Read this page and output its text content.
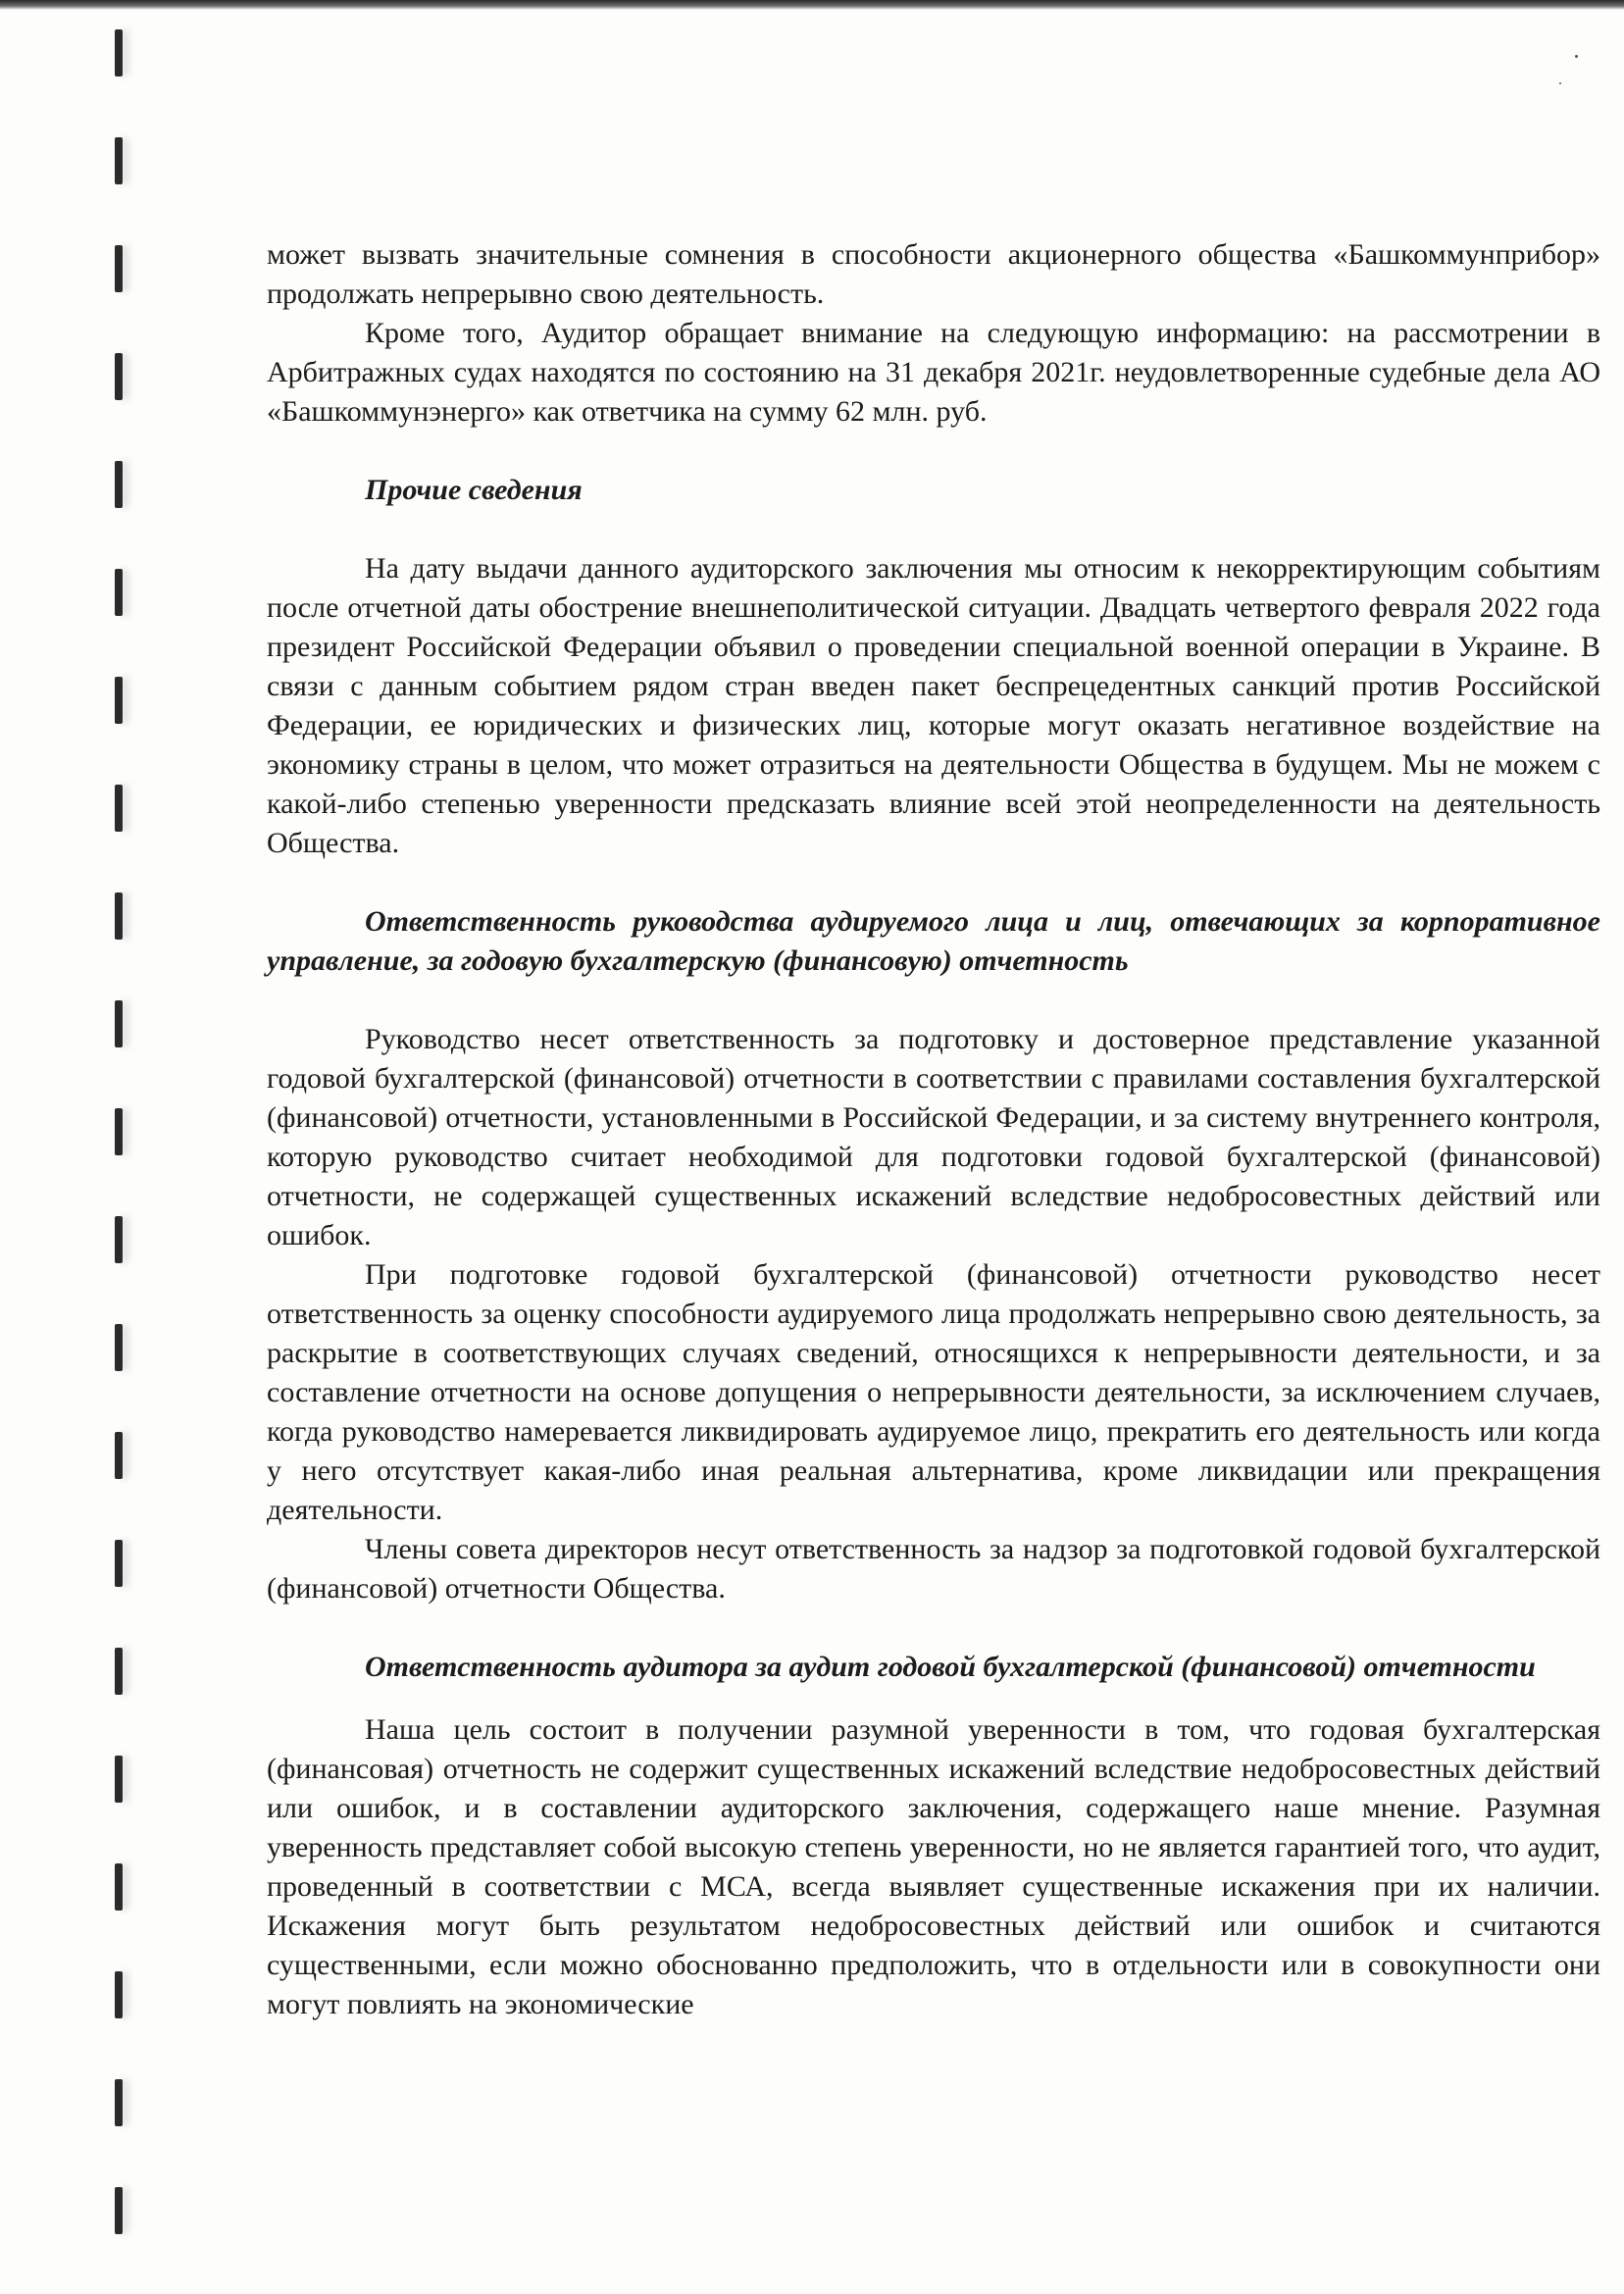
может вызвать значительные сомнения в способности акционерного общества «Башкоммунприбор» продолжать непрерывно свою деятельность.

Кроме того, Аудитор обращает внимание на следующую информацию: на рассмотрении в Арбитражных судах находятся по состоянию на 31 декабря 2021г. неудовлетворенные судебные дела АО «Башкоммунэнерго» как ответчика на сумму 62 млн. руб.

Прочие сведения

На дату выдачи данного аудиторского заключения мы относим к некорректирующим событиям после отчетной даты обострение внешнеполитической ситуации. Двадцать четвертого февраля 2022 года президент Российской Федерации объявил о проведении специальной военной операции в Украине. В связи с данным событием рядом стран введен пакет беспрецедентных санкций против Российской Федерации, ее юридических и физических лиц, которые могут оказать негативное воздействие на экономику страны в целом, что может отразиться на деятельности Общества в будущем. Мы не можем с какой-либо степенью уверенности предсказать влияние всей этой неопределенности на деятельность Общества.

Ответственность руководства аудируемого лица и лиц, отвечающих за корпоративное управление, за годовую бухгалтерскую (финансовую) отчетность

Руководство несет ответственность за подготовку и достоверное представление указанной годовой бухгалтерской (финансовой) отчетности в соответствии с правилами составления бухгалтерской (финансовой) отчетности, установленными в Российской Федерации, и за систему внутреннего контроля, которую руководство считает необходимой для подготовки годовой бухгалтерской (финансовой) отчетности, не содержащей существенных искажений вследствие недобросовестных действий или ошибок.

При подготовке годовой бухгалтерской (финансовой) отчетности руководство несет ответственность за оценку способности аудируемого лица продолжать непрерывно свою деятельность, за раскрытие в соответствующих случаях сведений, относящихся к непрерывности деятельности, и за составление отчетности на основе допущения о непрерывности деятельности, за исключением случаев, когда руководство намеревается ликвидировать аудируемое лицо, прекратить его деятельность или когда у него отсутствует какая-либо иная реальная альтернатива, кроме ликвидации или прекращения деятельности.

Члены совета директоров несут ответственность за надзор за подготовкой годовой бухгалтерской (финансовой) отчетности Общества.

Ответственность аудитора за аудит годовой бухгалтерской (финансовой) отчетности

Наша цель состоит в получении разумной уверенности в том, что годовая бухгалтерская (финансовая) отчетность не содержит существенных искажений вследствие недобросовестных действий или ошибок, и в составлении аудиторского заключения, содержащего наше мнение. Разумная уверенность представляет собой высокую степень уверенности, но не является гарантией того, что аудит, проведенный в соответствии с МСА, всегда выявляет существенные искажения при их наличии. Искажения могут быть результатом недобросовестных действий или ошибок и считаются существенными, если можно обоснованно предположить, что в отдельности или в совокупности они могут повлиять на экономические
